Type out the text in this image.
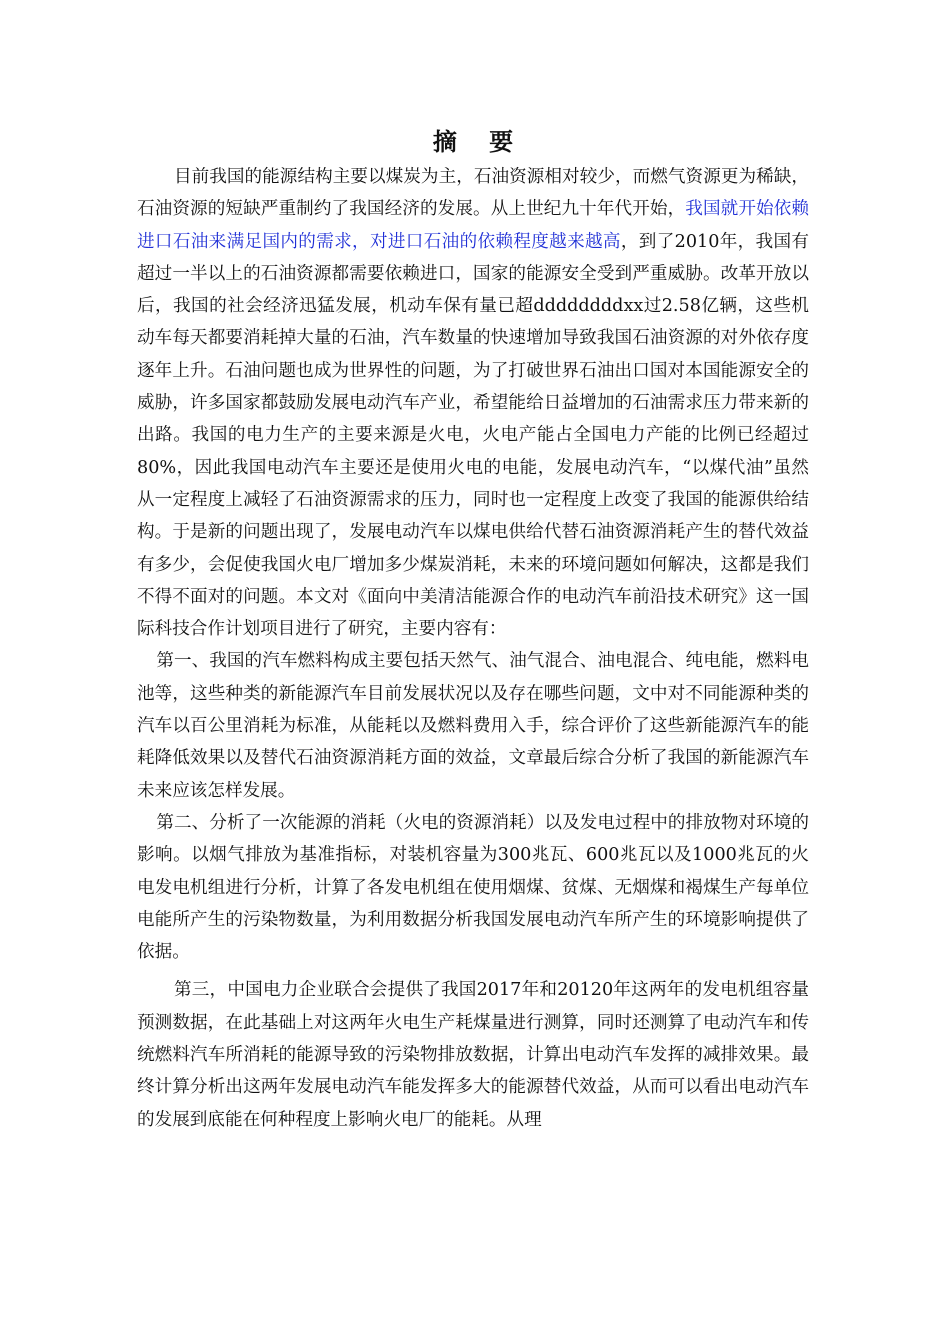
摘 要

目前我国的能源结构主要以煤炭为主，石油资源相对较少，而燃气资源更为稀缺，石油资源的短缺严重制约了我国经济的发展。从上世纪九十年代开始，我国就开始依赖进口石油来满足国内的需求，对进口石油的依赖程度越来越高，到了2010年，我国有超过一半以上的石油资源都需要依赖进口，国家的能源安全受到严重威胁。改革开放以后，我国的社会经济迅猛发展，机动车保有量已超ddddddddxx过2.58亿辆，这些机动车每天都要消耗掉大量的石油，汽车数量的快速增加导致我国石油资源的对外依存度逐年上升。石油问题也成为世界性的问题，为了打破世界石油出口国对本国能源安全的威胁，许多国家都鼓励发展电动汽车产业，希望能给日益增加的石油需求压力带来新的出路。我国的电力生产的主要来源是火电，火电产能占全国电力产能的比例已经超过80%，因此我国电动汽车主要还是使用火电的电能，发展电动汽车，“以煤代油”虽然从一定程度上减轻了石油资源需求的压力，同时也一定程度上改变了我国的能源供给结构。于是新的问题出现了，发展电动汽车以煤电供给代替石油资源消耗产生的替代效益有多少，会促使我国火电厂增加多少煤炭消耗，未来的环境问题如何解决，这都是我们不得不面对的问题。本文对《面向中美清洁能源合作的电动汽车前沿技术研究》这一国际科技合作计划项目进行了研究，主要内容有：

第一、我国的汽车燃料构成主要包括天然气、油气混合、油电混合、纯电能，燃料电池等，这些种类的新能源汽车目前发展状况以及存在哪些问题，文中对不同能源种类的汽车以百公里消耗为标准，从能耗以及燃料费用入手，综合评价了这些新能源汽车的能耗降低效果以及替代石油资源消耗方面的效益，文章最后综合分析了我国的新能源汽车未来应该怎样发展。

第二、分析了一次能源的消耗（火电的资源消耗）以及发电过程中的排放物对环境的影响。以烟气排放为基准指标，对装机容量为300兆瓦、600兆瓦以及1000兆瓦的火电发电机组进行分析，计算了各发电机组在使用烟煤、贫煤、无烟煤和褐煤生产每单位电能所产生的污染物数量，为利用数据分析我国发展电动汽车所产生的环境影响提供了依据。

第三，中国电力企业联合会提供了我国2017年和20120年这两年的发电机组容量预测数据，在此基础上对这两年火电生产耗煤量进行测算，同时还测算了电动汽车和传统燃料汽车所消耗的能源导致的污染物排放数据，计算出电动汽车发挥的减排效果。最终计算分析出这两年发展电动汽车能发挥多大的能源替代效益，从而可以看出电动汽车的发展到底能在何种程度上影响火电厂的能耗。从理
